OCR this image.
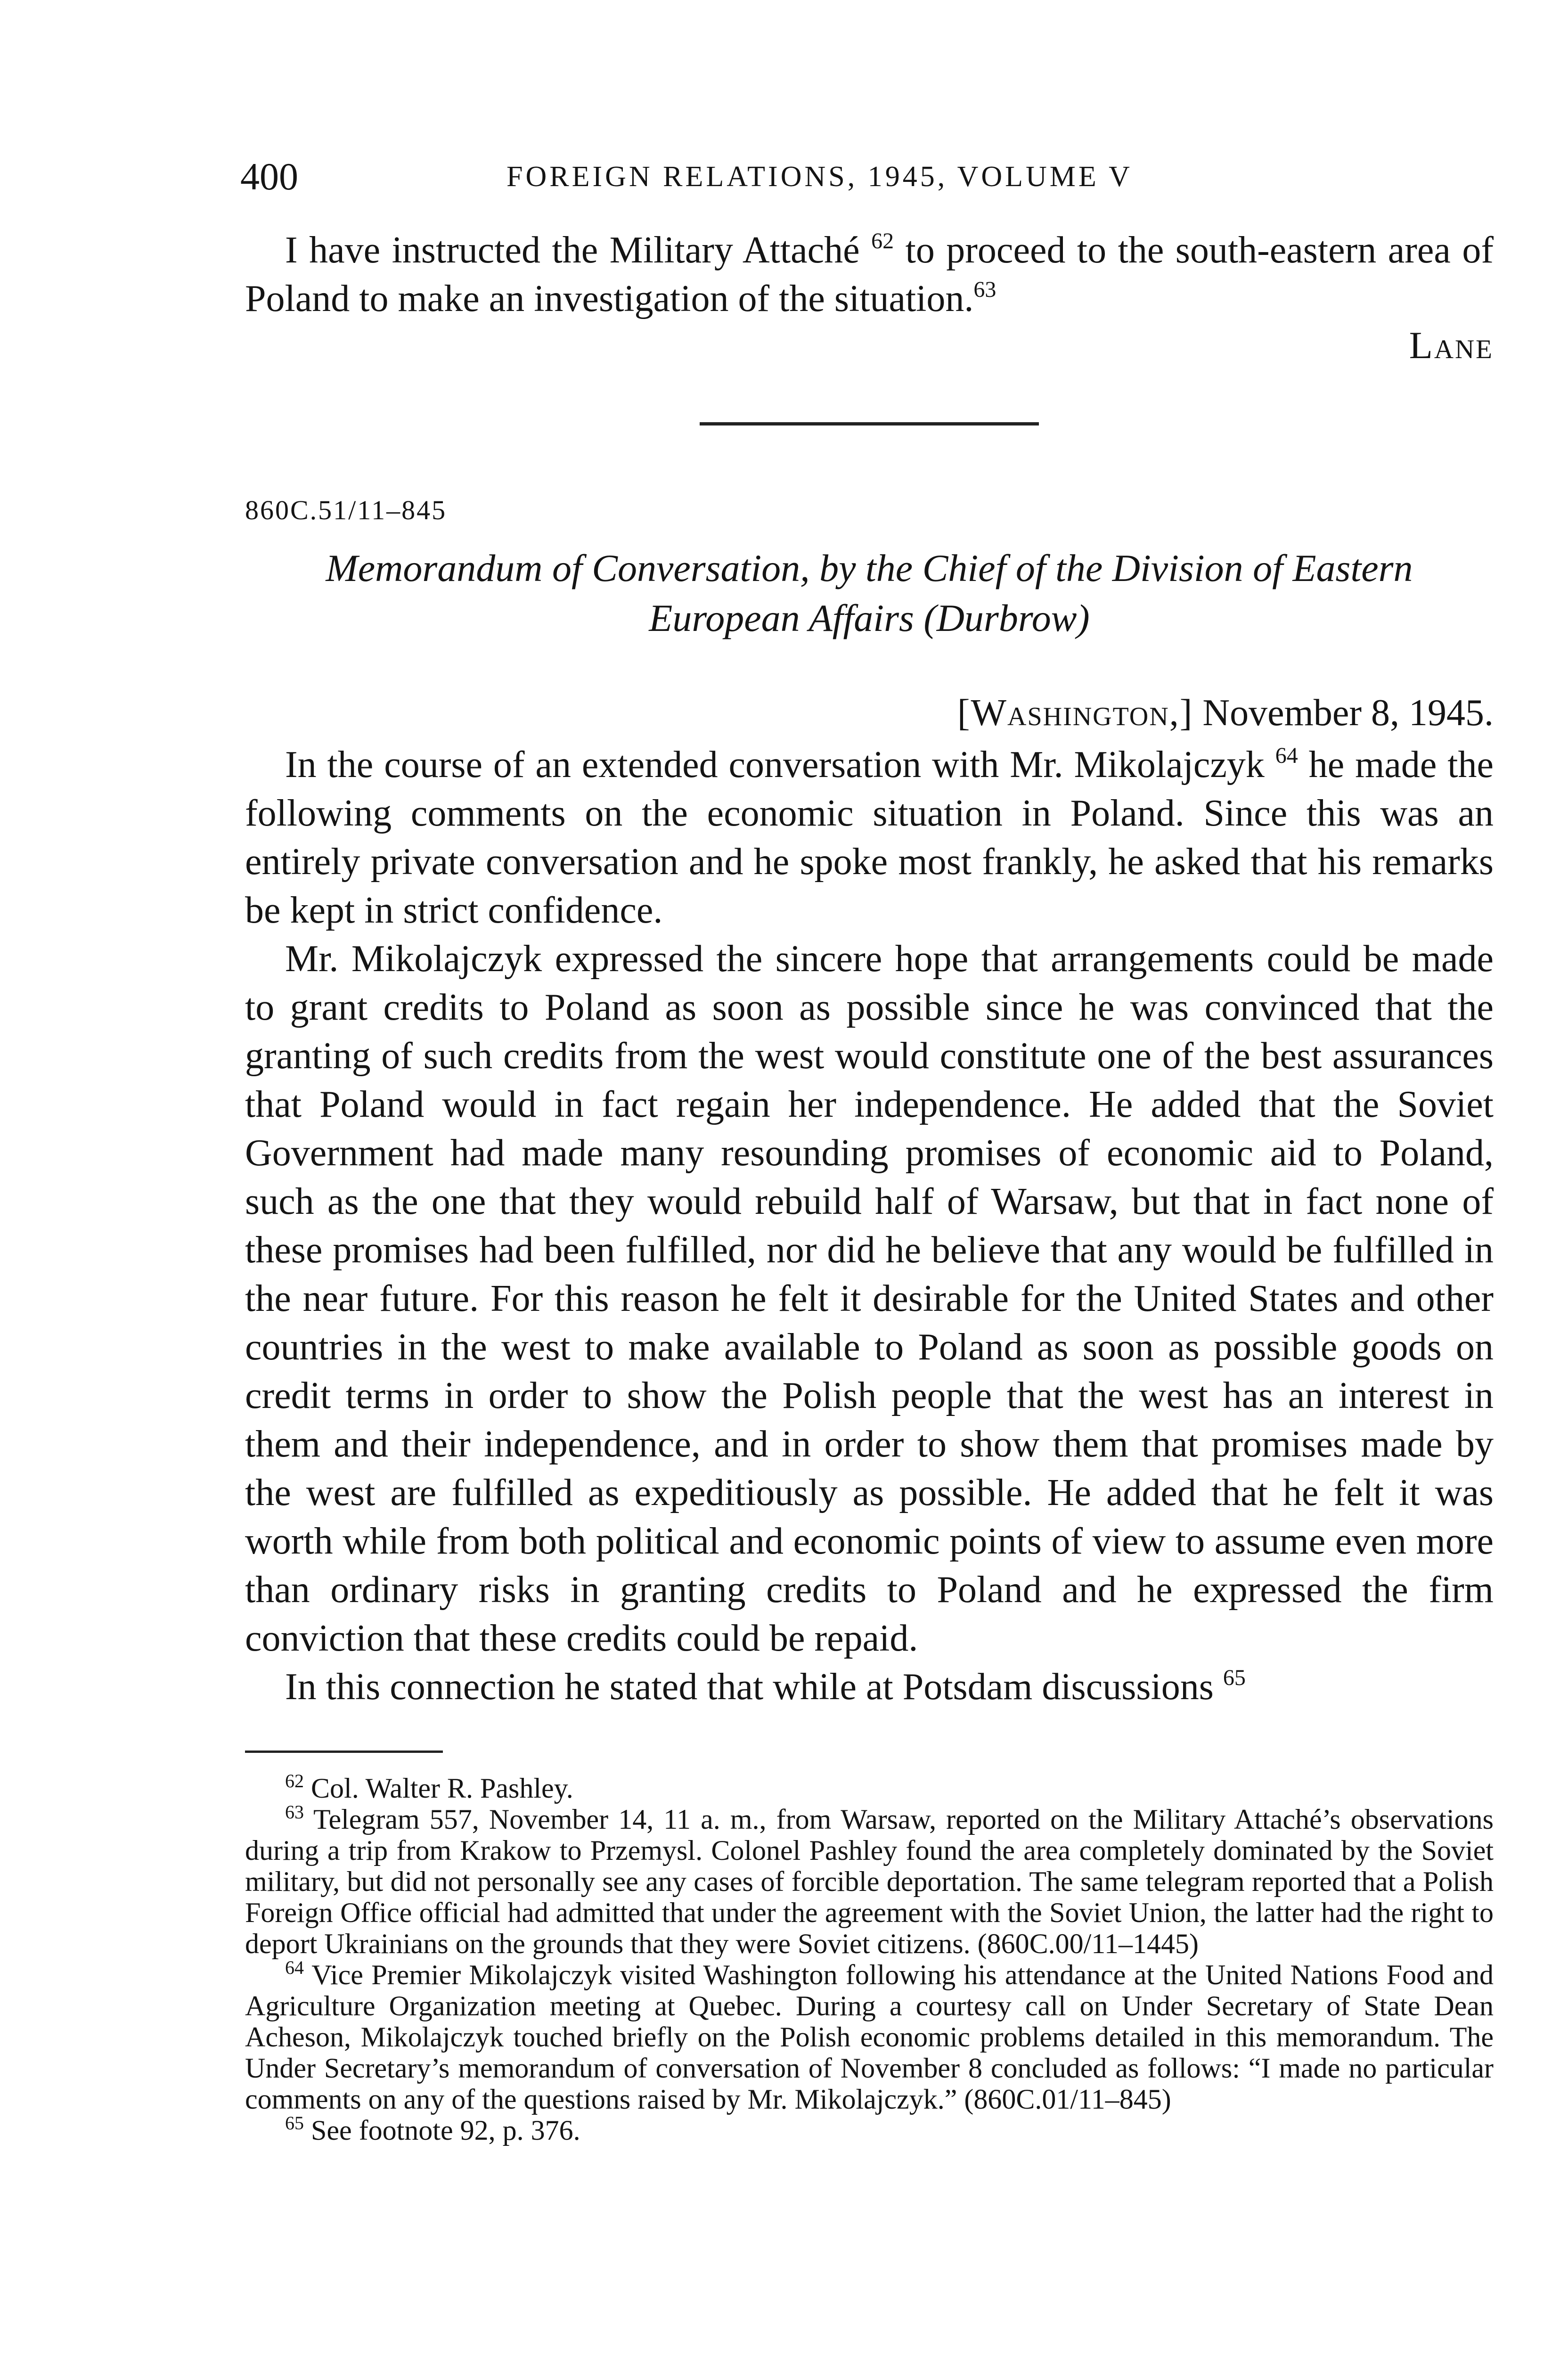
400	FOREIGN RELATIONS, 1945, VOLUME V

I have instructed the Military Attaché $^{62}$ to proceed to the south-eastern area of Poland to make an investigation of the situation.$^{63}$

Lane
860C.51/11–845
Memorandum of Conversation, by the Chief of the Division of Eastern
European Affairs (Durbrow)
[Washington,] November 8, 1945.

In the course of an extended conversation with Mr. Mikolajczyk $^{64}$ he made the following comments on the economic situation in Poland. Since this was an entirely private conversation and he spoke most frankly, he asked that his remarks be kept in strict confidence.

Mr. Mikolajczyk expressed the sincere hope that arrangements could be made to grant credits to Poland as soon as possible since he was convinced that the granting of such credits from the west would constitute one of the best assurances that Poland would in fact regain her independence. He added that the Soviet Government had made many resounding promises of economic aid to Poland, such as the one that they would rebuild half of Warsaw, but that in fact none of these promises had been fulfilled, nor did he believe that any would be fulfilled in the near future. For this reason he felt it desirable for the United States and other countries in the west to make available to Poland as soon as possible goods on credit terms in order to show the Polish people that the west has an interest in them and their independence, and in order to show them that promises made by the west are fulfilled as expeditiously as possible. He added that he felt it was worth while from both political and economic points of view to assume even more than ordinary risks in granting credits to Poland and he expressed the firm conviction that these credits could be repaid.

In this connection he stated that while at Potsdam discussions $^{65}$

$^{62}$ Col. Walter R. Pashley.

$^{63}$ Telegram 557, November 14, 11 a. m., from Warsaw, reported on the Military Attaché’s observations during a trip from Krakow to Przemysl. Colonel Pashley found the area completely dominated by the Soviet military, but did not personally see any cases of forcible deportation. The same telegram reported that a Polish Foreign Office official had admitted that under the agreement with the Soviet Union, the latter had the right to deport Ukrainians on the grounds that they were Soviet citizens. (860C.00/11–1445)

$^{64}$ Vice Premier Mikolajczyk visited Washington following his attendance at the United Nations Food and Agriculture Organization meeting at Quebec. During a courtesy call on Under Secretary of State Dean Acheson, Mikolajczyk touched briefly on the Polish economic problems detailed in this memorandum. The Under Secretary’s memorandum of conversation of November 8 concluded as follows: “I made no particular comments on any of the questions raised by Mr. Mikolajczyk.” (860C.01/11–845)

$^{65}$ See footnote 92, p. 376.
